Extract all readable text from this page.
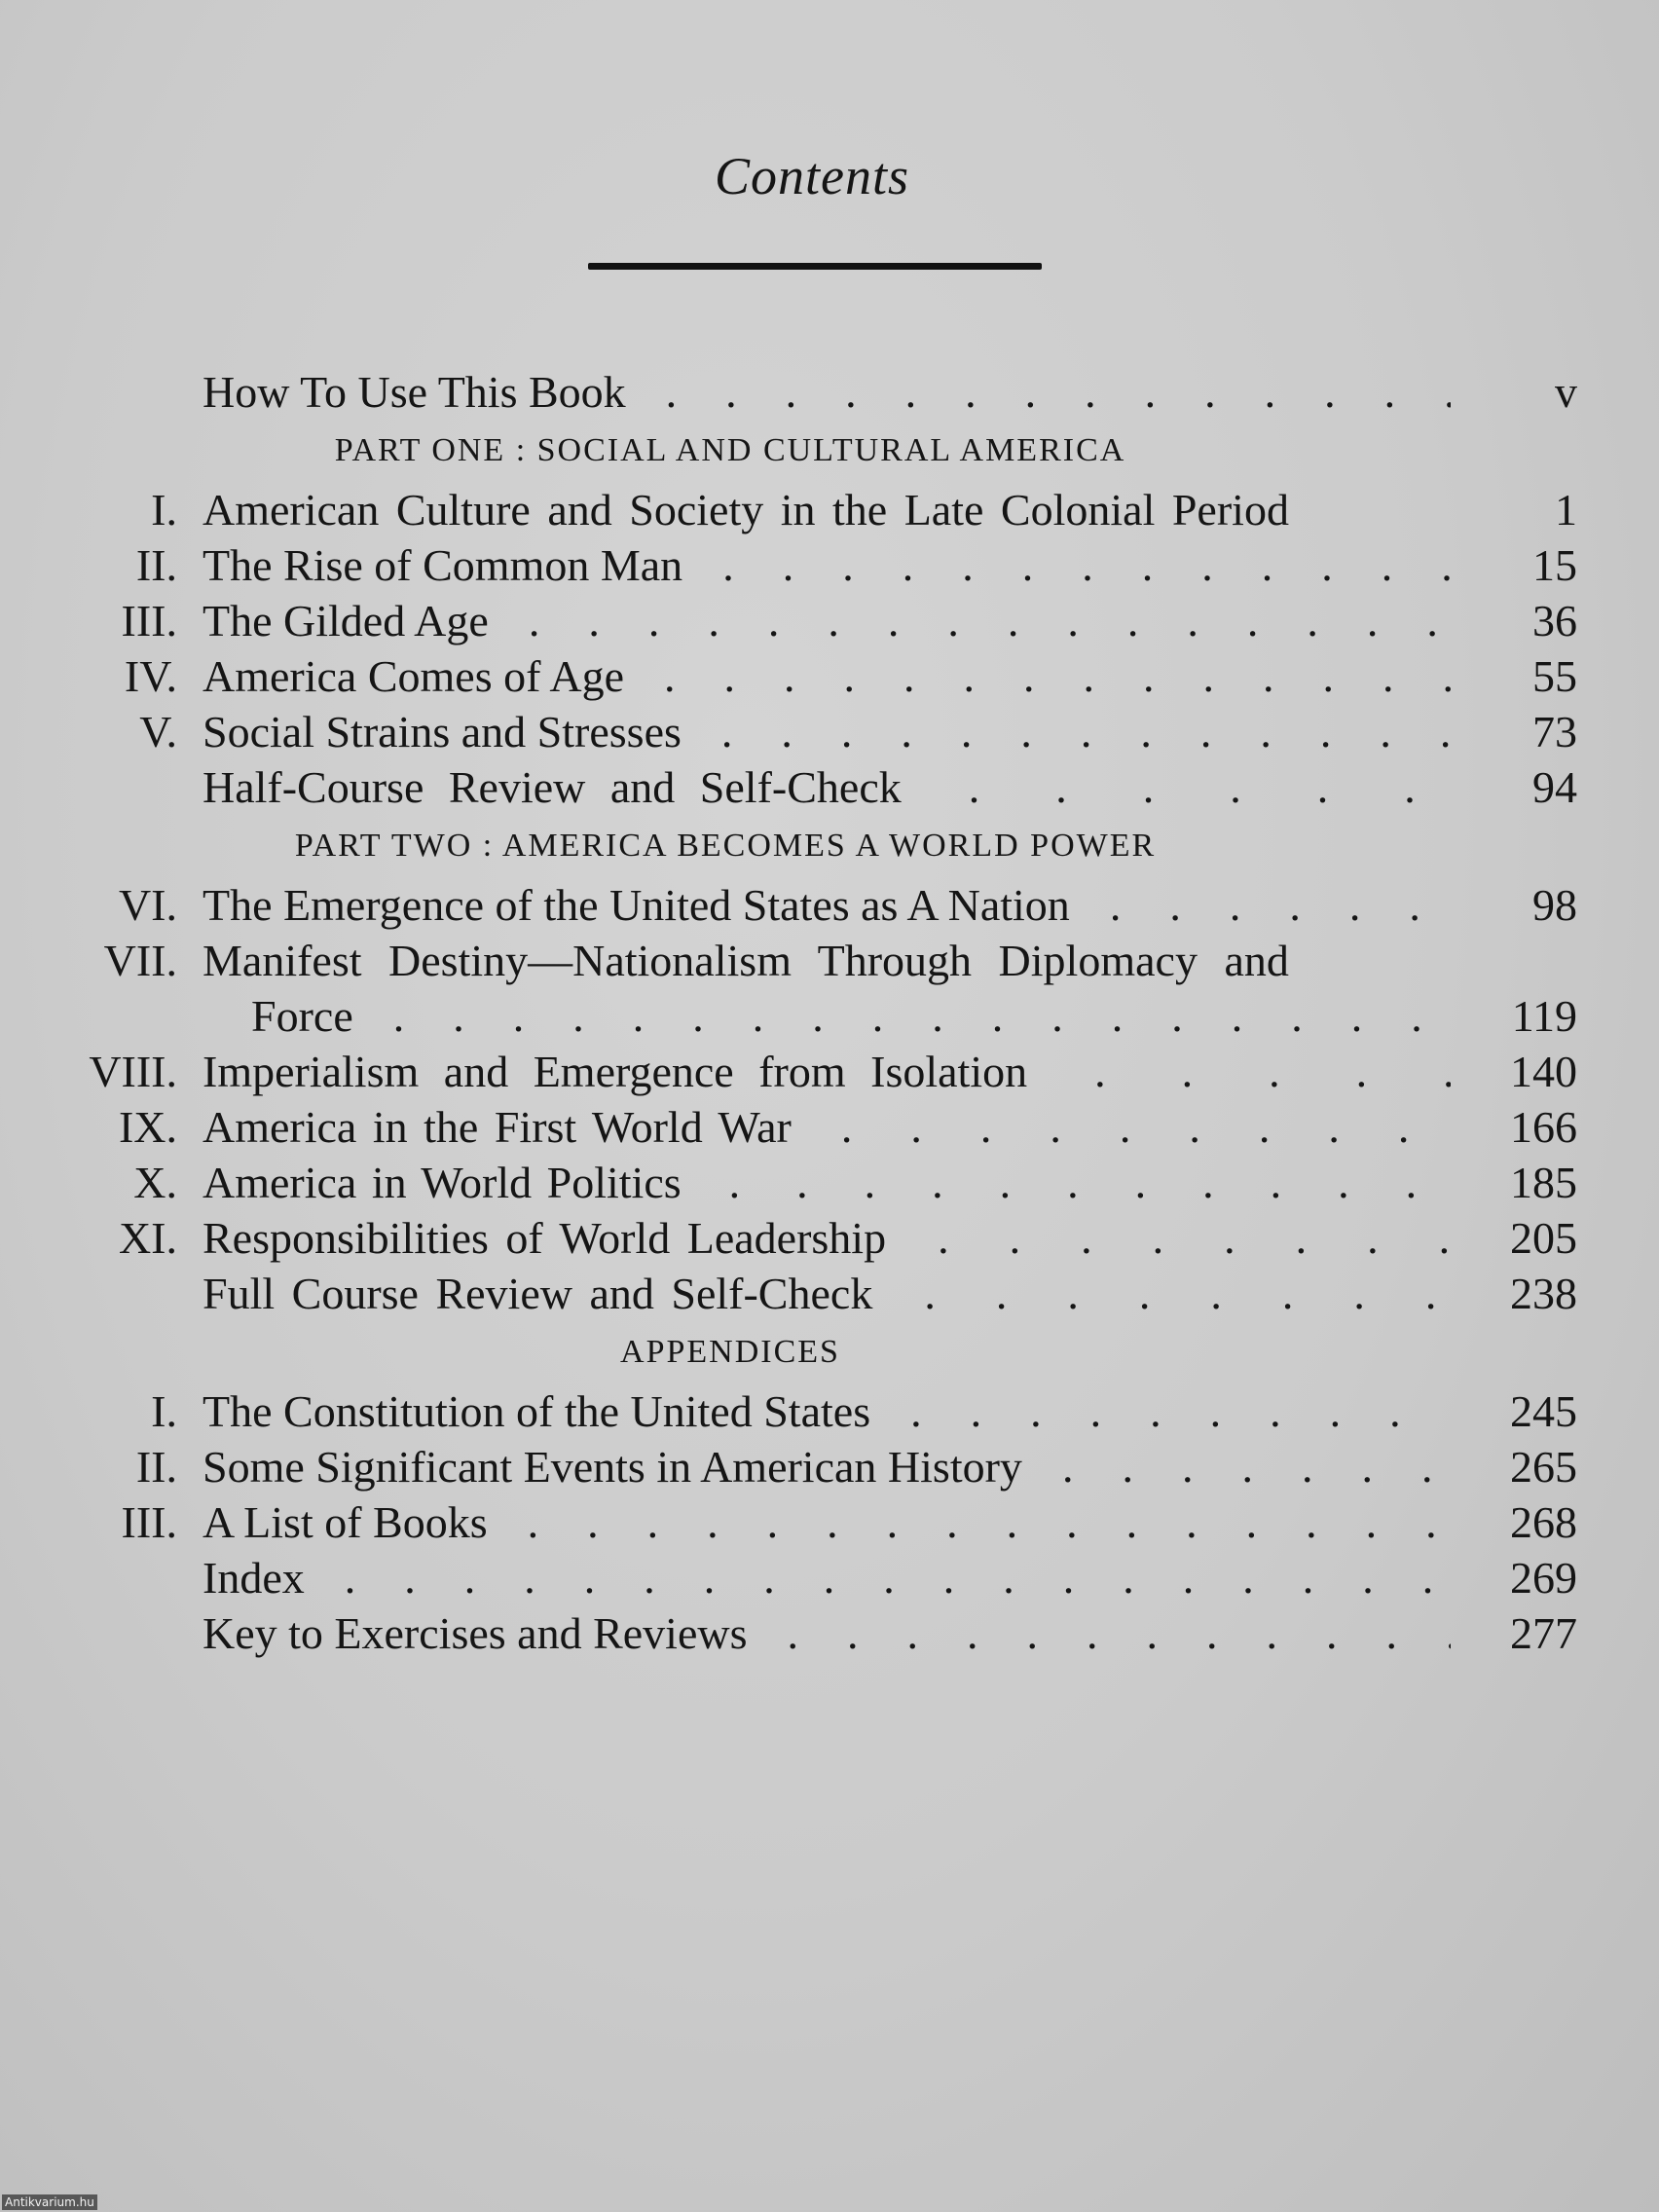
Contents
How To Use This Book . .	v
PART ONE : SOCIAL AND CULTURAL AMERICA
I. American Culture and Society in the Late Colonial Period	1
II. The Rise of Common Man . .	15
III. The Gilded Age . .	36
IV. America Comes of Age . .	55
V. Social Strains and Stresses . .	73
Half-Course Review and Self-Check . .	94
PART TWO : AMERICA BECOMES A WORLD POWER
VI. The Emergence of the United States as A Nation . .	98
VII. Manifest Destiny—Nationalism Through Diplomacy and
Force . .	119
VIII. Imperialism and Emergence from Isolation . .	140
IX. America in the First World War . .	166
X. America in World Politics . .	185
XI. Responsibilities of World Leadership . .	205
Full Course Review and Self-Check . .	238
APPENDICES
I. The Constitution of the United States . .	245
II. Some Significant Events in American History . .	265
III. A List of Books . .	268
Index . .	269
Key to Exercises and Reviews . .	277
Antikvarium.hu
